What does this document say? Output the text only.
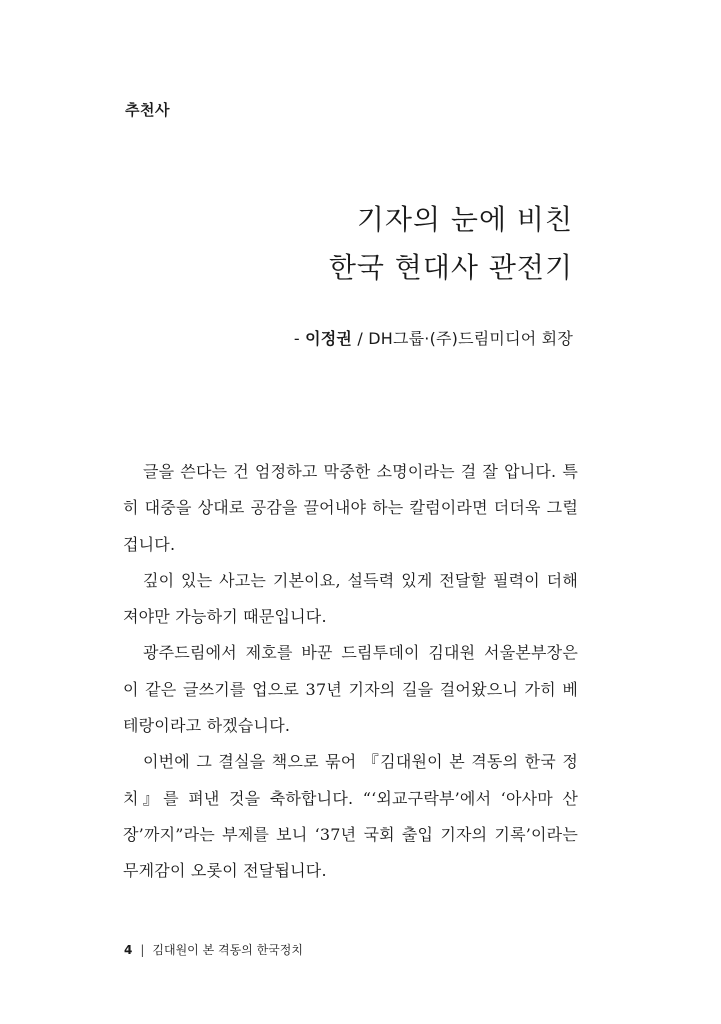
추천사
기자의 눈에 비친
한국 현대사 관전기
- 이정권 / DH그룹·(주)드림미디어 회장

글을 쓴다는 건 엄정하고 막중한 소명이라는 걸 잘 압니다. 특히 대중을 상대로 공감을 끌어내야 하는 칼럼이라면 더더욱 그럴 겁니다.

깊이 있는 사고는 기본이요, 설득력 있게 전달할 필력이 더해져야만 가능하기 때문입니다.

광주드림에서 제호를 바꾼 드림투데이 김대원 서울본부장은 이 같은 글쓰기를 업으로 37년 기자의 길을 걸어왔으니 가히 베테랑이라고 하겠습니다.

이번에 그 결실을 책으로 묶어 『김대원이 본 격동의 한국 정치』를 펴낸 것을 축하합니다. “‘외교구락부’에서 ‘아사마 산장’까지”라는 부제를 보니 ‘37년 국회 출입 기자의 기록’이라는 무게감이 오롯이 전달됩니다.

4 | 김대원이 본 격동의 한국정치
